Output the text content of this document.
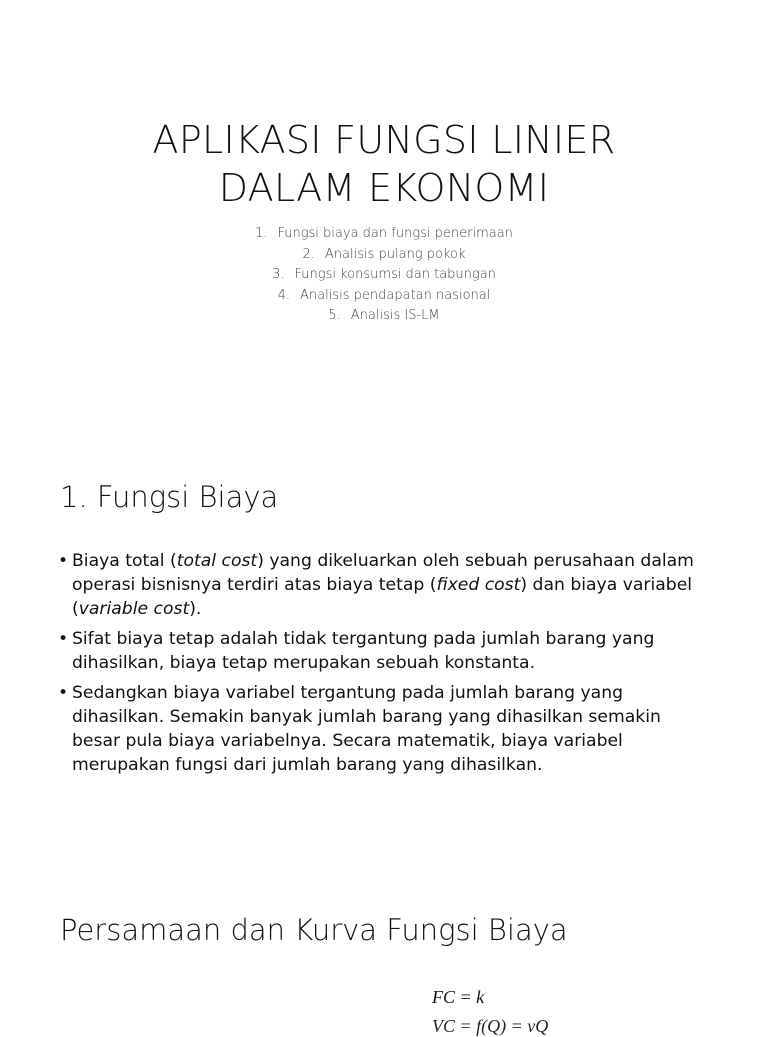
APLIKASI FUNGSI LINIER
DALAM EKONOMI
1. Fungsi biaya dan fungsi penerimaan
2. Analisis pulang pokok
3. Fungsi konsumsi dan tabungan
4. Analisis pendapatan nasional
5. Analisis IS-LM
1. Fungsi Biaya
• Biaya total (total cost) yang dikeluarkan oleh sebuah perusahaan dalam operasi bisnisnya terdiri atas biaya tetap (fixed cost) dan biaya variabel (variable cost).
• Sifat biaya tetap adalah tidak tergantung pada jumlah barang yang dihasilkan, biaya tetap merupakan sebuah konstanta.
• Sedangkan biaya variabel tergantung pada jumlah barang yang dihasilkan. Semakin banyak jumlah barang yang dihasilkan semakin besar pula biaya variabelnya. Secara matematik, biaya variabel merupakan fungsi dari jumlah barang yang dihasilkan.
Persamaan dan Kurva Fungsi Biaya
FC = k
VC = f(Q) = vQ
